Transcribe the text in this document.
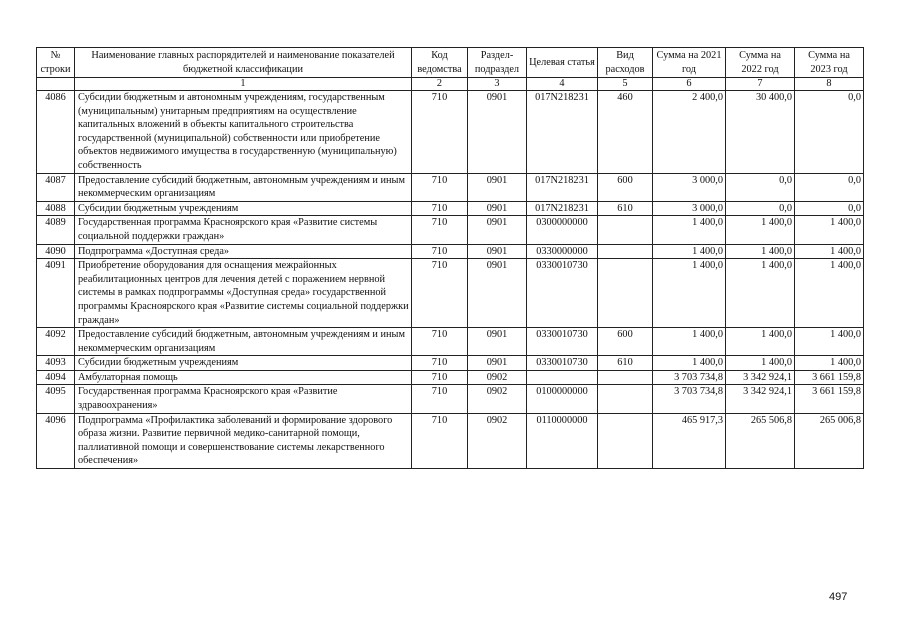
№ строки	Наименование главных распорядителей и наименование показателей бюджетной классификации	Код ведомства	Раздел-подраздел	Целевая статья	Вид расходов	Сумма на 2021 год	Сумма на 2022 год	Сумма на 2023 год
	1	2	3	4	5	6	7	8
4086	Субсидии бюджетным и автономным учреждениям, государственным (муниципальным) унитарным предприятиям на осуществление капитальных вложений в объекты капитального строительства государственной (муниципальной) собственности или приобретение объектов недвижимого имущества в государственную (муниципальную) собственность	710	0901	017N218231	460	2 400,0	30 400,0	0,0
4087	Предоставление субсидий бюджетным, автономным учреждениям и иным некоммерческим организациям	710	0901	017N218231	600	3 000,0	0,0	0,0
4088	Субсидии бюджетным учреждениям	710	0901	017N218231	610	3 000,0	0,0	0,0
4089	Государственная программа Красноярского края «Развитие системы социальной поддержки граждан»	710	0901	0300000000		1 400,0	1 400,0	1 400,0
4090	Подпрограмма «Доступная среда»	710	0901	0330000000		1 400,0	1 400,0	1 400,0
4091	Приобретение оборудования для оснащения межрайонных реабилитационных центров для лечения детей с поражением нервной системы в рамках подпрограммы «Доступная среда» государственной программы Красноярского края «Развитие системы социальной поддержки граждан»	710	0901	0330010730		1 400,0	1 400,0	1 400,0
4092	Предоставление субсидий бюджетным, автономным учреждениям и иным некоммерческим организациям	710	0901	0330010730	600	1 400,0	1 400,0	1 400,0
4093	Субсидии бюджетным учреждениям	710	0901	0330010730	610	1 400,0	1 400,0	1 400,0
4094	Амбулаторная помощь	710	0902			3 703 734,8	3 342 924,1	3 661 159,8
4095	Государственная программа Красноярского края «Развитие здравоохранения»	710	0902	0100000000		3 703 734,8	3 342 924,1	3 661 159,8
4096	Подпрограмма «Профилактика заболеваний и формирование здорового образа жизни. Развитие первичной медико-санитарной помощи, паллиативной помощи и совершенствование системы лекарственного обеспечения»	710	0902	0110000000		465 917,3	265 506,8	265 006,8
497
